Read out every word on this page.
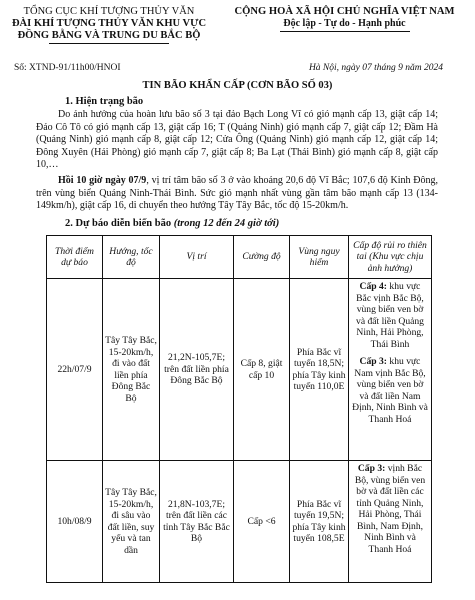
TỔNG CỤC KHÍ TƯỢNG THỦY VĂN
ĐÀI KHÍ TƯỢNG THỦY VĂN KHU VỰC
ĐỒNG BẰNG VÀ TRUNG DU BẮC BỘ
CỘNG HOÀ XÃ HỘI CHỦ NGHĨA VIỆT NAM
Độc lập - Tự do - Hạnh phúc
Số: XTND-91/11h00/HNOI	Hà Nội, ngày 07 tháng 9 năm 2024
TIN BÃO KHẨN CẤP (CƠN BÃO SỐ 03)
1. Hiện trạng bão
Do ảnh hưởng của hoàn lưu bão số 3 tại đảo Bạch Long Vĩ có gió mạnh cấp 13, giật cấp 14; Đảo Cô Tô có gió mạnh cấp 13, giật cấp 16; T (Quảng Ninh) gió mạnh cấp 7, giật cấp 12; Đầm Hà (Quảng Ninh) gió mạnh cấp 8, giật cấp 12; Cửa Ông (Quảng Ninh) gió mạnh cấp 12, giật cấp 14; Đông Xuyên (Hải Phòng) gió mạnh cấp 7, giật cấp 8; Ba Lạt (Thái Bình) gió mạnh cấp 8, giật cấp 10,…
Hồi 10 giờ ngày 07/9, vị trí tâm bão số 3 ở vào khoảng 20,6 độ Vĩ Bắc; 107,6 độ Kinh Đông, trên vùng biển Quảng Ninh-Thái Bình. Sức gió mạnh nhất vùng gần tâm bão mạnh cấp 13 (134-149km/h), giật cấp 16, di chuyển theo hướng Tây Tây Bắc, tốc độ 15-20km/h.
2. Dự báo diễn biến bão (trong 12 đến 24 giờ tới)
Thời điểm dự báo	Hướng, tốc độ	Vị trí	Cường độ	Vùng nguy hiểm	Cấp độ rủi ro thiên tai (Khu vực chịu ảnh hưởng)
22h/07/9	Tây Tây Bắc, 15-20km/h, đi vào đất liền phía Đông Bắc Bộ	21,2N-105,7E; trên đất liền phía Đông Bắc Bộ	Cấp 8, giật cấp 10	Phía Bắc vĩ tuyến 18,5N; phía Tây kinh tuyến 110,0E	Cấp 4: khu vực Bắc vịnh Bắc Bộ, vùng biển ven bờ và đất liền Quảng Ninh, Hải Phòng, Thái Bình
Cấp 3: khu vực Nam vịnh Bắc Bộ, vùng biển ven bờ và đất liền Nam Định, Ninh Bình và Thanh Hoá

10h/08/9	Tây Tây Bắc, 15-20km/h, đi sâu vào đất liền, suy yếu và tan dần	21,8N-103,7E; trên đất liền các tỉnh Tây Bắc Bắc Bộ	Cấp <6	Phía Bắc vĩ tuyến 19,5N; phía Tây kinh tuyến 108,5E	Cấp 3: vịnh Bắc Bộ, vùng biển ven bờ và đất liền các tỉnh Quảng Ninh, Hải Phòng, Thái Bình, Nam Định, Ninh Bình và Thanh Hoá
